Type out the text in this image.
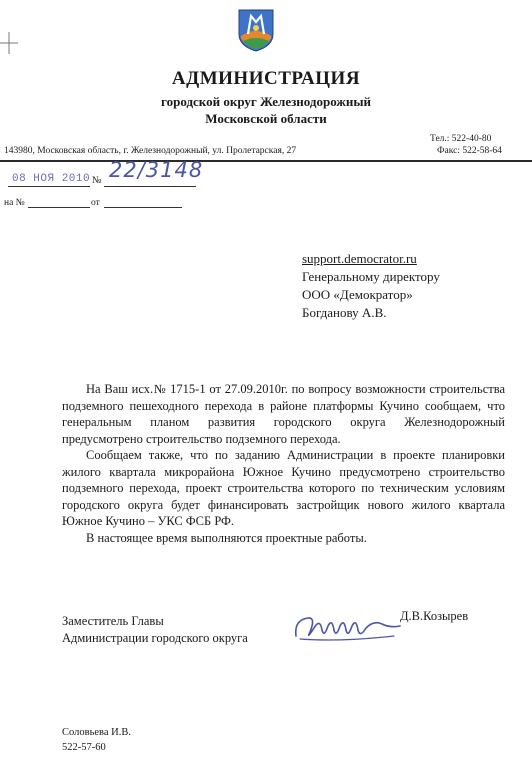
АДМИНИСТРАЦИЯ
городской округ Железнодорожный
Московской области
143980, Московская область, г. Железнодорожный, ул. Пролетарская, 27
Тел.: 522-40-80
Факс: 522-58-64
08 НОЯ 2010 № 22/3148
на №	от
support.democrator.ru
Генеральному директору
ООО «Демократор»
Богданову А.В.

На Ваш исх.№ 1715-1 от 27.09.2010г. по вопросу возможности строительства подземного пешеходного перехода в районе платформы Кучино сообщаем, что генеральным планом развития городского округа Железнодорожный предусмотрено строительство подземного перехода.

Сообщаем также, что по заданию Администрации в проекте планировки жилого квартала микрорайона Южное Кучино предусмотрено строительство подземного перехода, проект строительства которого по техническим условиям городского округа будет финансировать застройщик нового жилого квартала Южное Кучино – УКС ФСБ РФ.

В настоящее время выполняются проектные работы.

Заместитель Главы
Администрации городского округа
Д.В.Козырев
Соловьева И.В.
522-57-60
